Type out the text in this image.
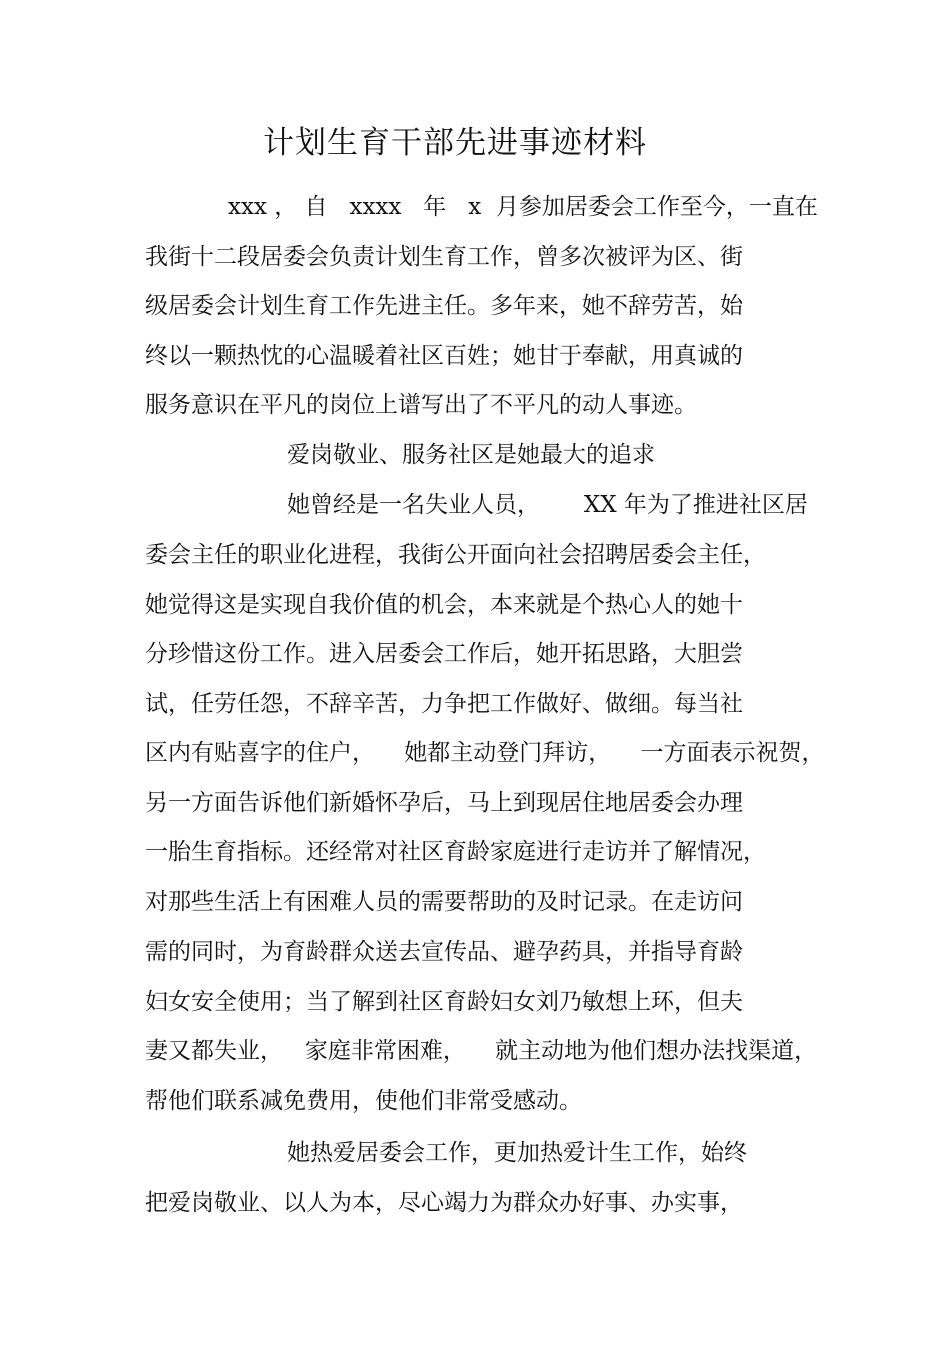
计划生育干部先进事迹材料
xxx ， 自   xxxx   年   x  月参加居委会工作至今，一直在
我街十二段居委会负责计划生育工作，曾多次被评为区、街
级居委会计划生育工作先进主任。多年来，她不辞劳苦，始
终以一颗热忱的心温暖着社区百姓；她甘于奉献，用真诚的
服务意识在平凡的岗位上谱写出了不平凡的动人事迹。
爱岗敬业、服务社区是她最大的追求
她曾经是一名失业人员，      XX 年为了推进社区居
委会主任的职业化进程，我街公开面向社会招聘居委会主任，
她觉得这是实现自我价值的机会，本来就是个热心人的她十
分珍惜这份工作。进入居委会工作后，她开拓思路，大胆尝
试，任劳任怨，不辞辛苦，力争把工作做好、做细。每当社
区内有贴喜字的住户，    她都主动登门拜访，    一方面表示祝贺，
另一方面告诉他们新婚怀孕后，马上到现居住地居委会办理
一胎生育指标。还经常对社区育龄家庭进行走访并了解情况，
对那些生活上有困难人员的需要帮助的及时记录。在走访问
需的同时，为育龄群众送去宣传品、避孕药具，并指导育龄
妇女安全使用；当了解到社区育龄妇女刘乃敏想上环，但夫
妻又都失业，   家庭非常困难，    就主动地为他们想办法找渠道，
帮他们联系减免费用，使他们非常受感动。
她热爱居委会工作，更加热爱计生工作，始终
把爱岗敬业、以人为本，尽心竭力为群众办好事、办实事，
